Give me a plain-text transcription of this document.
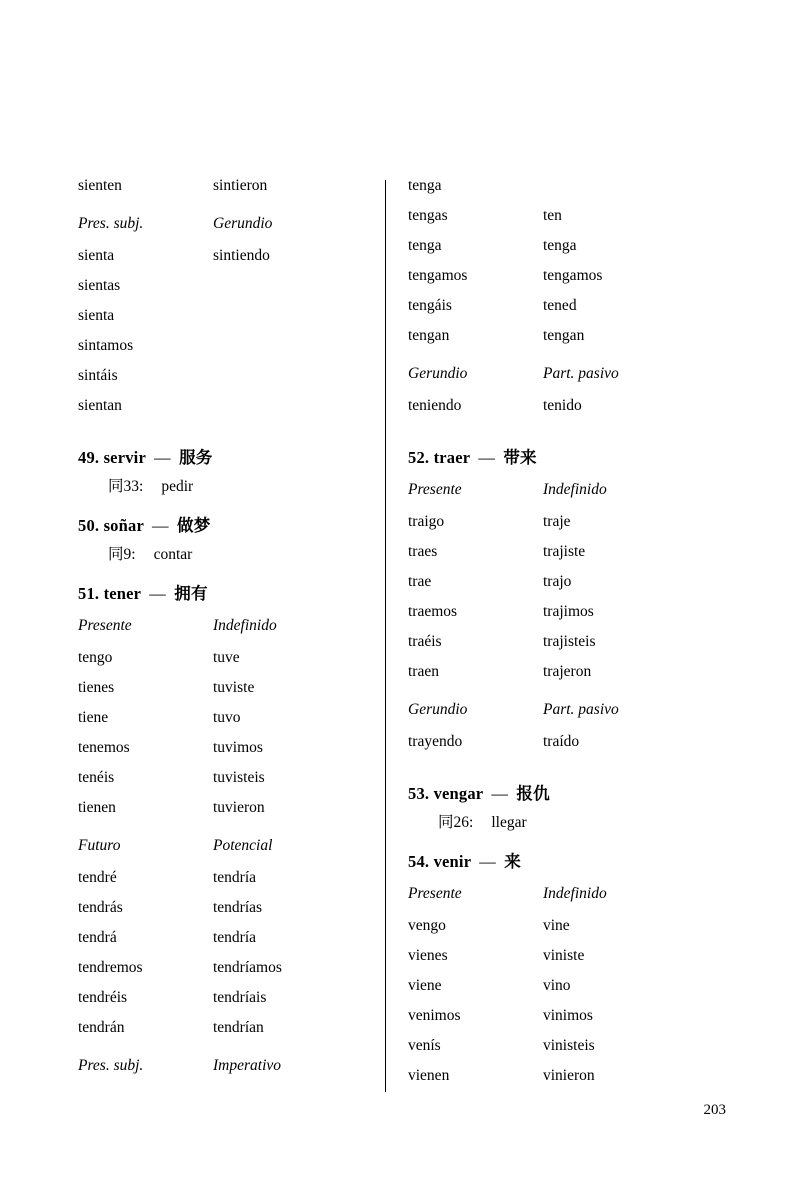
sienten	sintieron
Pres. subj.	Gerundio
sienta	sintiendo
sientas
sienta
sintamos
sintáis
sientan
49. servir — 服务
同33: pedir
50. soñar — 做梦
同9: contar
51. tener — 拥有
Presente	Indefinido
tengo	tuve
tienes	tuviste
tiene	tuvo
tenemos	tuvimos
tenéis	tuvisteis
tienen	tuvieron
Futuro	Potencial
tendré	tendría
tendrás	tendrías
tendrá	tendría
tendremos	tendríamos
tendréis	tendríais
tendrán	tendrían
Pres. subj.	Imperativo
tenga
tengas	ten
tenga	tenga
tengamos	tengamos
tengáis	tened
tengan	tengan
Gerundio	Part. pasivo
teniendo	tenido
52. traer — 带来
Presente	Indefinido
traigo	traje
traes	trajiste
trae	trajo
traemos	trajimos
traéis	trajisteis
traen	trajeron
Gerundio	Part. pasivo
trayendo	traído
53. vengar — 报仇
同26: llegar
54. venir — 来
Presente	Indefinido
vengo	vine
vienes	viniste
viene	vino
venimos	vinimos
venís	vinisteis
vienen	vinieron
203
